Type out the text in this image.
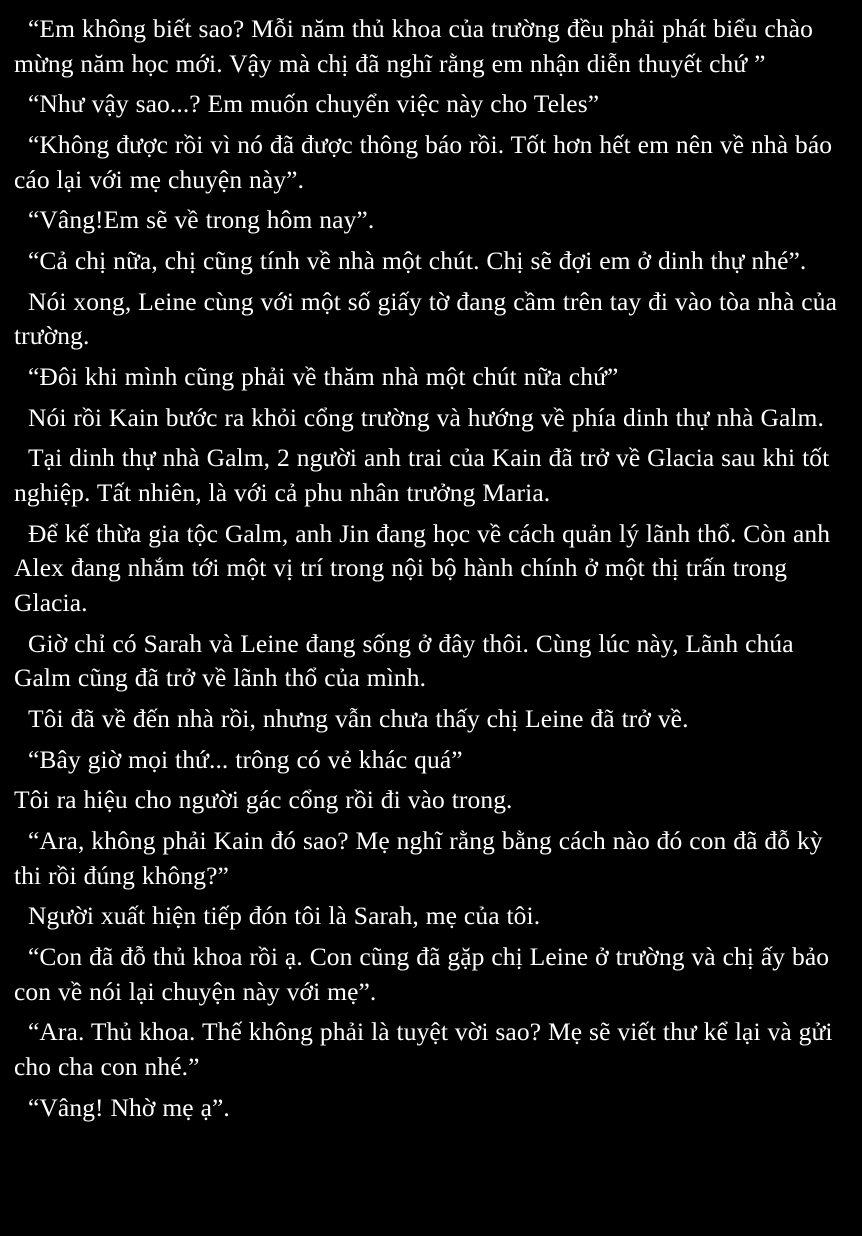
“Em không biết sao? Mỗi năm thủ khoa của trường đều phải phát biểu chào mừng năm học mới. Vậy mà chị đã nghĩ rằng em nhận diễn thuyết chứ ”

“Như vậy sao...? Em muốn chuyển việc này cho Teles”

“Không được rồi vì nó đã được thông báo rồi. Tốt hơn hết em nên về nhà báo cáo lại với mẹ chuyện này”.

“Vâng!Em sẽ về trong hôm nay”.

“Cả chị nữa, chị cũng tính về nhà một chút. Chị sẽ đợi em ở dinh thự nhé”.

Nói xong, Leine cùng với một số giấy tờ đang cầm trên tay đi vào tòa nhà của trường.

“Đôi khi mình cũng phải về thăm nhà một chút nữa chứ”

Nói rồi Kain bước ra khỏi cổng trường và hướng về phía dinh thự nhà Galm.

Tại dinh thự nhà Galm, 2 người anh trai của Kain đã trở về Glacia sau khi tốt nghiệp. Tất nhiên, là với cả phu nhân trưởng Maria.

Để kế thừa gia tộc Galm, anh Jin đang học về cách quản lý lãnh thổ. Còn anh Alex đang nhắm tới một vị trí trong nội bộ hành chính ở một thị trấn trong Glacia.

Giờ chỉ có Sarah và Leine đang sống ở đây thôi. Cùng lúc này, Lãnh chúa Galm cũng đã trở về lãnh thổ của mình.

Tôi đã về đến nhà rồi, nhưng vẫn chưa thấy chị Leine đã trở về.

“Bây giờ mọi thứ... trông có vẻ khác quá”

Tôi ra hiệu cho người gác cổng rồi đi vào trong.

“Ara, không phải Kain đó sao? Mẹ nghĩ rằng bằng cách nào đó con đã đỗ kỳ thi rồi đúng không?”

Người xuất hiện tiếp đón tôi là Sarah, mẹ của tôi.

“Con đã đỗ thủ khoa rồi ạ. Con cũng đã gặp chị Leine ở trường và chị ấy bảo con về nói lại chuyện này với mẹ”.

“Ara. Thủ khoa. Thế không phải là tuyệt vời sao? Mẹ sẽ viết thư kể lại và gửi cho cha con nhé.”

“Vâng! Nhờ mẹ ạ”.
